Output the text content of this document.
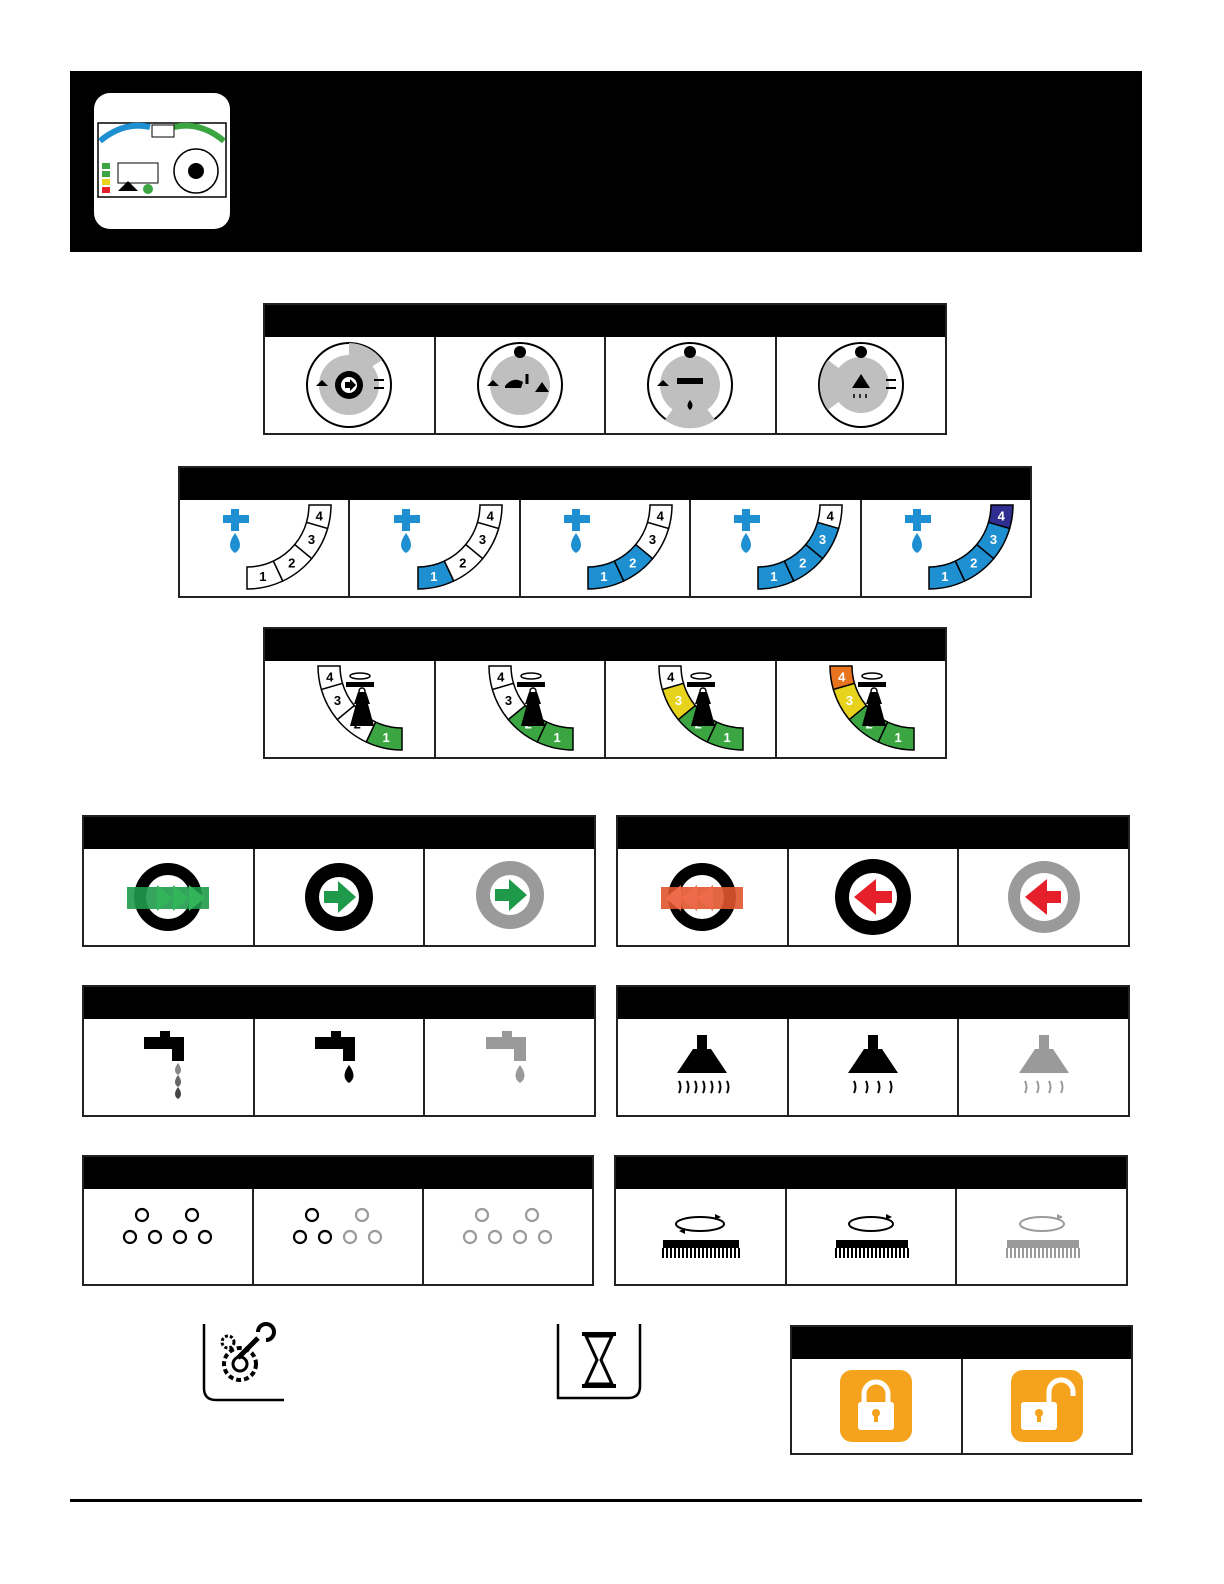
1
2
3
4
1
2
3
4
1
2
3
4
1
2
3
4
1
2
3
4
1
3
4
1
3
4
1
3
4
1
3
4
